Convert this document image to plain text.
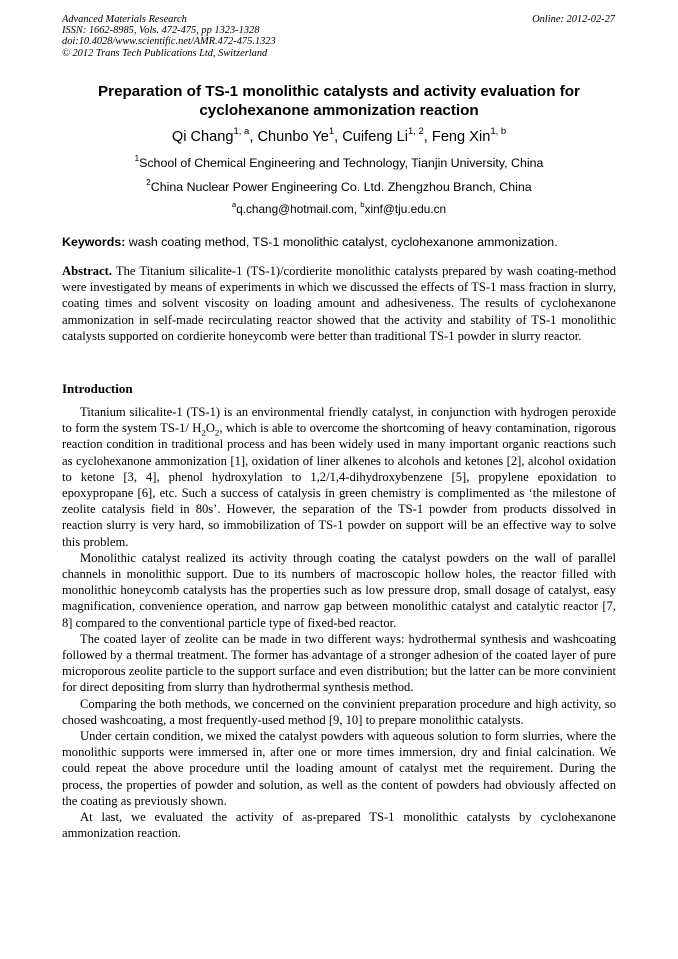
Advanced Materials Research
ISSN: 1662-8985, Vols. 472-475, pp 1323-1328
doi:10.4028/www.scientific.net/AMR.472-475.1323
© 2012 Trans Tech Publications Ltd, Switzerland
Online: 2012-02-27
Preparation of TS-1 monolithic catalysts and activity evaluation for
cyclohexanone ammonization reaction
Qi Chang$^{1, a}$, Chunbo Ye$^1$, Cuifeng Li$^{1, 2}$, Feng Xin$^{1, b}$
$^1$School of Chemical Engineering and Technology, Tianjin University, China
$^2$China Nuclear Power Engineering Co. Ltd. Zhengzhou Branch, China
$^a$q.chang@hotmail.com, $^b$xinf@tju.edu.cn
Keywords: wash coating method, TS-1 monolithic catalyst, cyclohexanone ammonization.
Abstract. The Titanium silicalite-1 (TS-1)/cordierite monolithic catalysts prepared by wash coating-method were investigated by means of experiments in which we discussed the effects of TS-1 mass fraction in slurry, coating times and solvent viscosity on loading amount and adhesiveness. The results of cyclohexanone ammonization in self-made recirculating reactor showed that the activity and stability of TS-1 monolithic catalysts supported on cordierite honeycomb were better than traditional TS-1 powder in slurry reactor.
Introduction

Titanium silicalite-1 (TS-1) is an environmental friendly catalyst, in conjunction with hydrogen peroxide to form the system TS-1/ $H_2O_2$, which is able to overcome the shortcoming of heavy contamination, rigorous reaction condition in traditional process and has been widely used in many important organic reactions such as cyclohexanone ammonization [1], oxidation of liner alkenes to alcohols and ketones [2], alcohol oxidation to ketone [3, 4], phenol hydroxylation to 1,2/1,4-dihydroxybenzene [5], propylene epoxidation to epoxypropane [6], etc. Such a success of catalysis in green chemistry is complimented as ‘the milestone of zeolite catalysis field in 80s’. However, the separation of the TS-1 powder from products dissolved in reaction slurry is very hard, so immobilization of TS-1 powder on support will be an effective way to solve this problem.

Monolithic catalyst realized its activity through coating the catalyst powders on the wall of parallel channels in monolithic support. Due to its numbers of macroscopic hollow holes, the reactor filled with monolithic honeycomb catalysts has the properties such as low pressure drop, small dosage of catalyst, easy magnification, convenience operation, and narrow gap between monolithic catalyst and catalytic reactor [7, 8] compared to the conventional particle type of fixed-bed reactor.

The coated layer of zeolite can be made in two different ways: hydrothermal synthesis and washcoating followed by a thermal treatment. The former has advantage of a stronger adhesion of the coated layer of pure microporous zeolite particle to the support surface and even distribution; but the latter can be more convinient for direct depositing from slurry than hydrothermal synthesis method.

Comparing the both methods, we concerned on the convinient preparation procedure and high activity, so chosed washcoating, a most frequently-used method [9, 10] to prepare monolithic catalysts.

Under certain condition, we mixed the catalyst powders with aqueous solution to form slurries, where the monolithic supports were immersed in, after one or more times immersion, dry and finial calcination. We could repeat the above procedure until the loading amount of catalyst met the requirement. During the process, the properties of powder and solution, as well as the content of powders had obviously affected on the coating as previously shown.

At last, we evaluated the activity of as-prepared TS-1 monolithic catalysts by cyclohexanone ammonization reaction.
